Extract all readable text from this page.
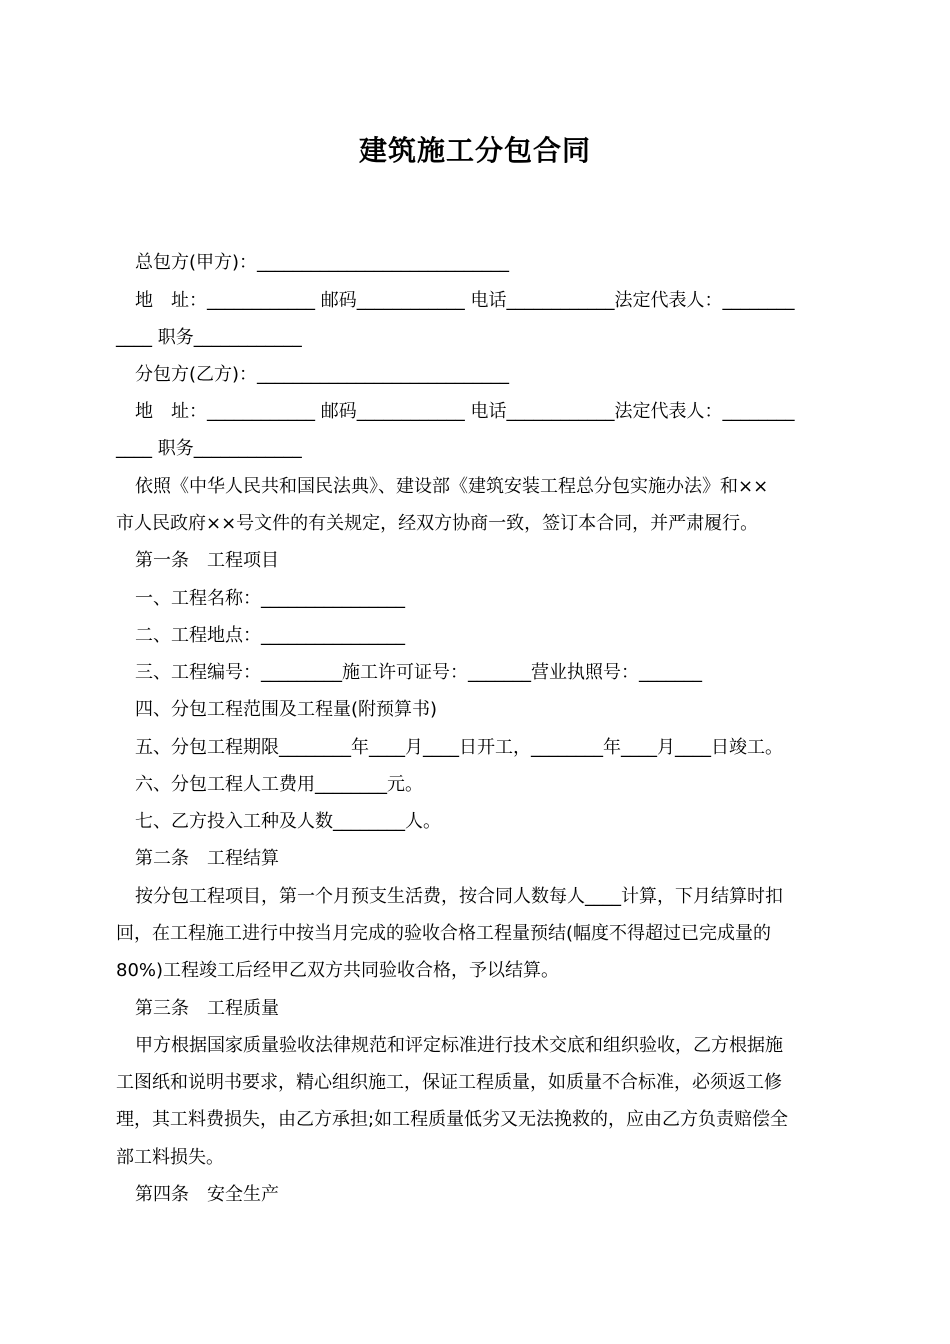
建筑施工分包合同
总包方(甲方)：____________________________
地　址：____________ 邮码____________ 电话____________法定代表人：________
____ 职务____________
分包方(乙方)：____________________________
地　址：____________ 邮码____________ 电话____________法定代表人：________
____ 职务____________
依照《中华人民共和国民法典》、建设部《建筑安装工程总分包实施办法》和××
市人民政府××号文件的有关规定，经双方协商一致，签订本合同，并严肃履行。
第一条　工程项目
一、工程名称：________________
二、工程地点：________________
三、工程编号：_________施工许可证号：_______营业执照号：_______
四、分包工程范围及工程量(附预算书)
五、分包工程期限________年____月____日开工，________年____月____日竣工。
六、分包工程人工费用________元。
七、乙方投入工种及人数________人。
第二条　工程结算
按分包工程项目，第一个月预支生活费，按合同人数每人____计算，下月结算时扣
回，在工程施工进行中按当月完成的验收合格工程量预结(幅度不得超过已完成量的
80%)工程竣工后经甲乙双方共同验收合格，予以结算。
第三条　工程质量
甲方根据国家质量验收法律规范和评定标准进行技术交底和组织验收，乙方根据施
工图纸和说明书要求，精心组织施工，保证工程质量，如质量不合标准，必须返工修
理，其工料费损失，由乙方承担;如工程质量低劣又无法挽救的，应由乙方负责赔偿全
部工料损失。
第四条　安全生产
